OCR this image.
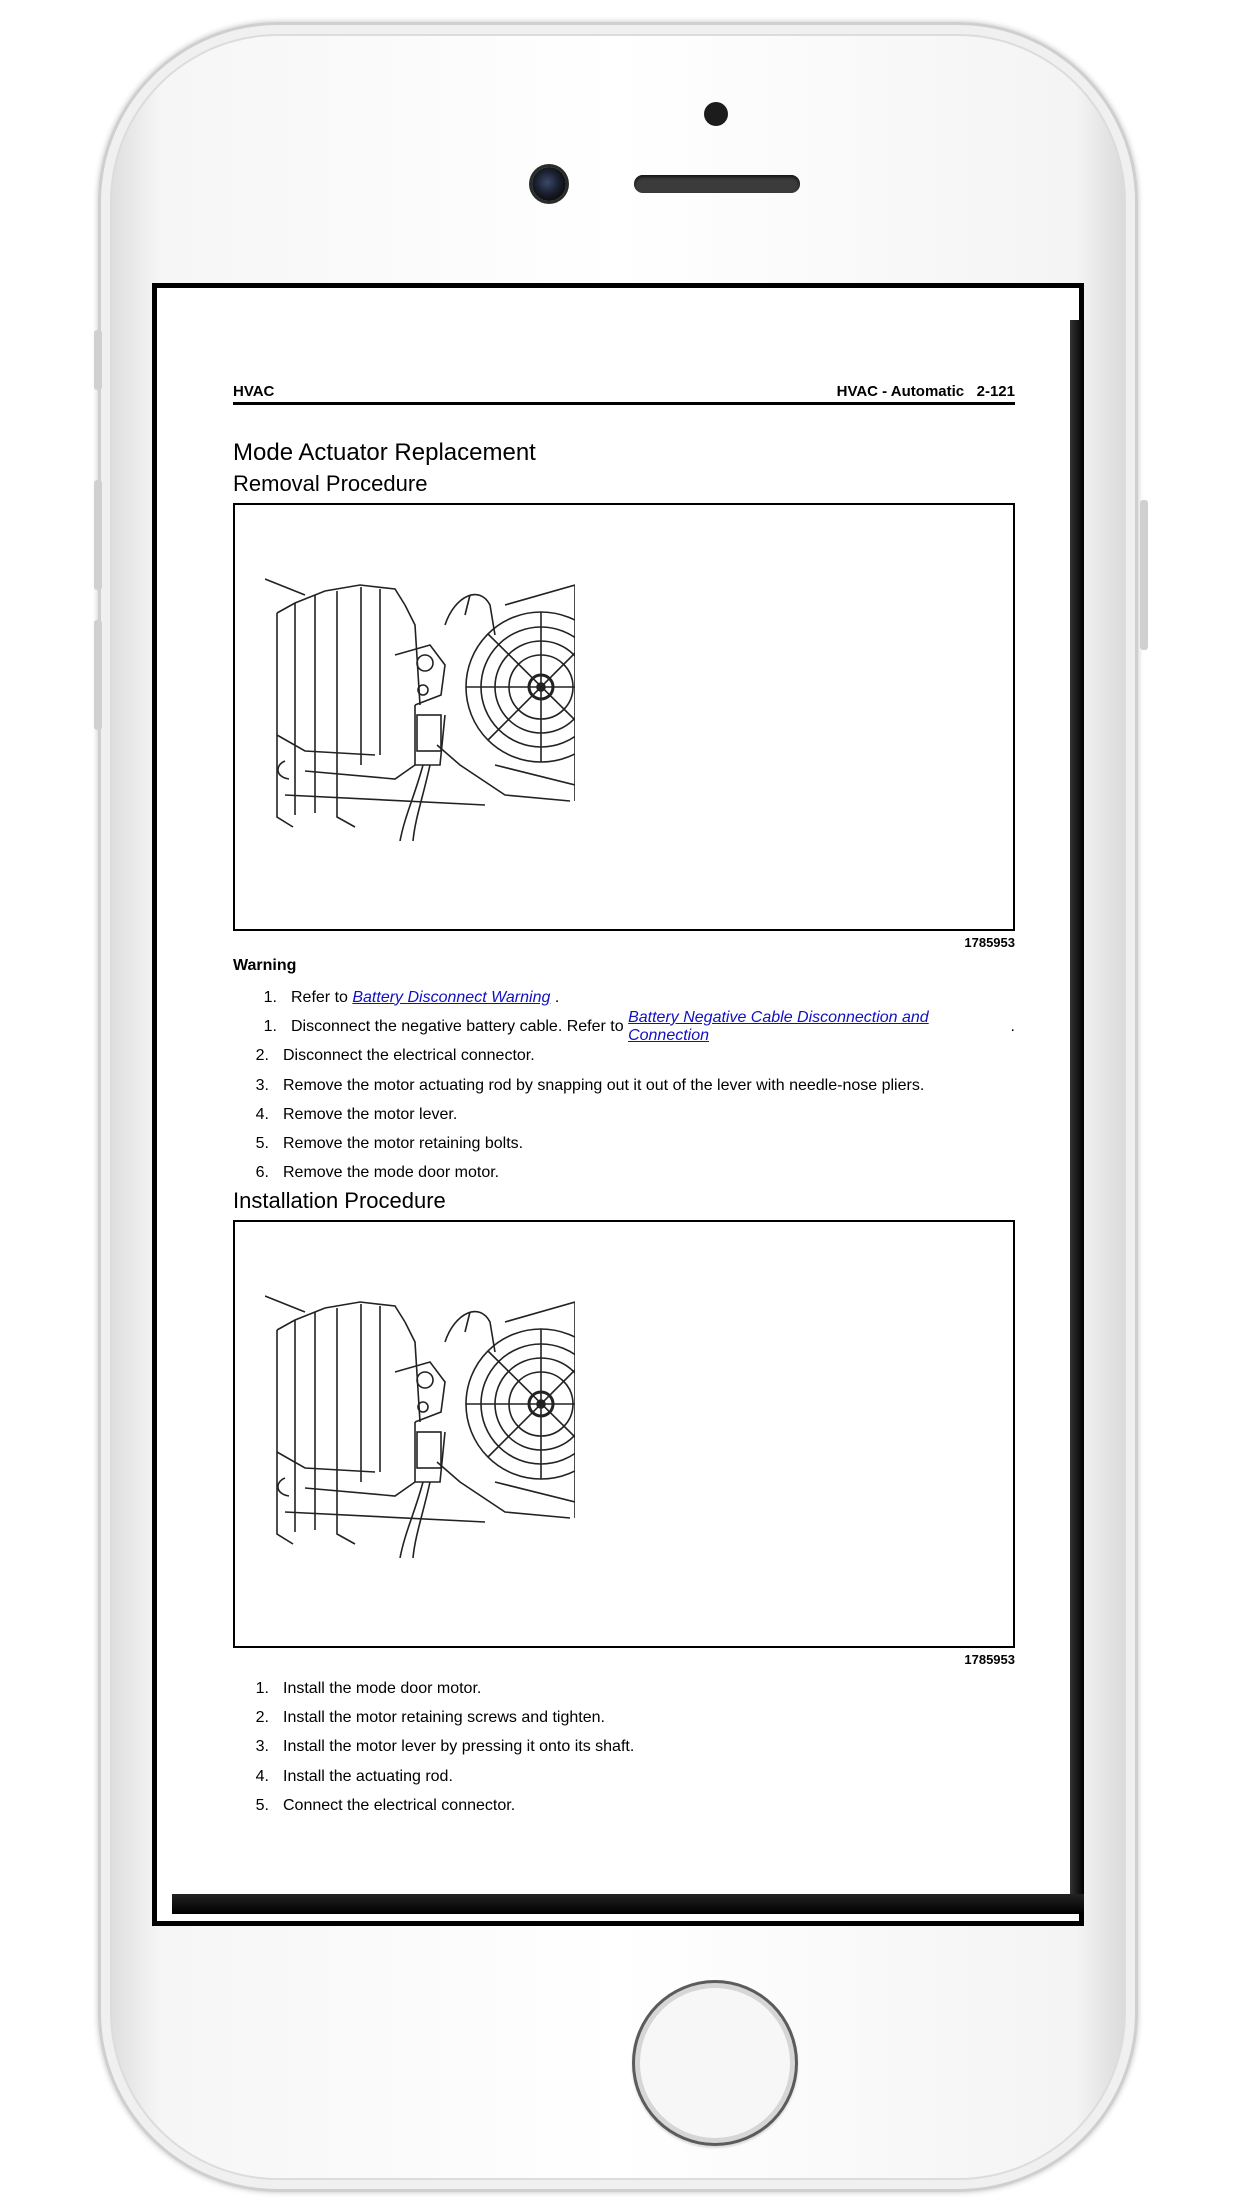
HVAC	HVAC - Automatic   2-121
Mode Actuator Replacement
Removal Procedure
1785953
Warning
1. Refer to Battery Disconnect Warning .
1. Disconnect the negative battery cable. Refer to
Battery Negative Cable Disconnection and Connection
.
2. Disconnect the electrical connector.
3. Remove the motor actuating rod by snapping out it out of the lever with needle-nose pliers.
4. Remove the motor lever.
5. Remove the motor retaining bolts.
6. Remove the mode door motor.
Installation Procedure
1785953
1. Install the mode door motor.
2. Install the motor retaining screws and tighten.
3. Install the motor lever by pressing it onto its shaft.
4. Install the actuating rod.
5. Connect the electrical connector.
